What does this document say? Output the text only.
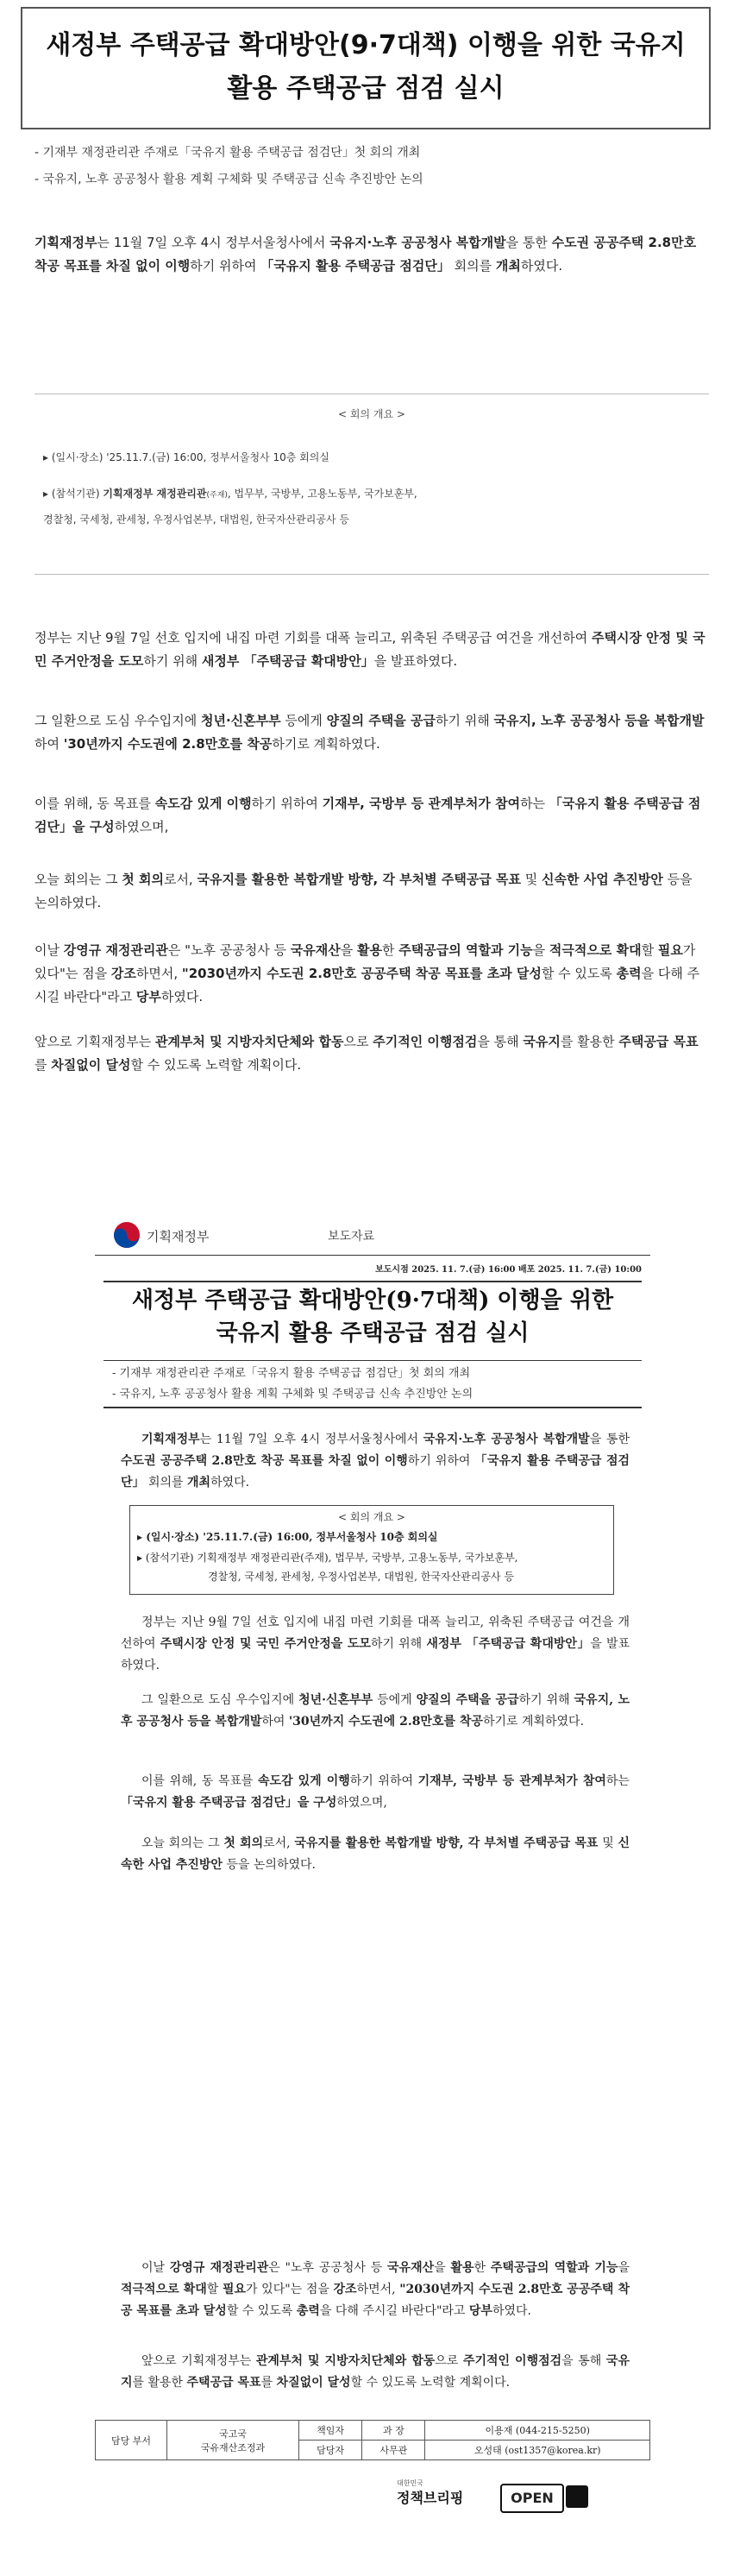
새정부 주택공급 확대방안(9·7대책) 이행을 위한 국유지
활용 주택공급 점검 실시
- 기재부 재정관리관 주재로「국유지 활용 주택공급 점검단」첫 회의 개최
- 국유지, 노후 공공청사 활용 계획 구체화 및 주택공급 신속 추진방안 논의
기획재정부는 11월 7일 오후 4시 정부서울청사에서 국유지·노후 공공청사 복합개발을 통한 수도권 공공주택 2.8만호 착공 목표를 차질 없이 이행하기 위하여 「국유지 활용 주택공급 점검단」 회의를 개최하였다.
< 회의 개요 >
▸ (일시·장소) '25.11.7.(금) 16:00, 정부서울청사 10층 회의실
▸ (참석기관) 기획재정부 재정관리관(주재), 법무부, 국방부, 고용노동부, 국가보훈부,
경찰청, 국세청, 관세청, 우정사업본부, 대법원, 한국자산관리공사 등
정부는 지난 9월 7일 선호 입지에 내집 마련 기회를 대폭 늘리고, 위축된 주택공급 여건을 개선하여 주택시장 안정 및 국민 주거안정을 도모하기 위해 새정부 「주택공급 확대방안」을 발표하였다.
그 일환으로 도심 우수입지에 청년·신혼부부 등에게 양질의 주택을 공급하기 위해 국유지, 노후 공공청사 등을 복합개발하여 '30년까지 수도권에 2.8만호를 착공하기로 계획하였다.
이를 위해, 동 목표를 속도감 있게 이행하기 위하여 기재부, 국방부 등 관계부처가 참여하는 「국유지 활용 주택공급 점검단」을 구성하였으며,
오늘 회의는 그 첫 회의로서, 국유지를 활용한 복합개발 방향, 각 부처별 주택공급 목표 및 신속한 사업 추진방안 등을 논의하였다.
이날 강영규 재정관리관은 "노후 공공청사 등 국유재산을 활용한 주택공급의 역할과 기능을 적극적으로 확대할 필요가 있다"는 점을 강조하면서, "2030년까지 수도권 2.8만호 공공주택 착공 목표를 초과 달성할 수 있도록 총력을 다해 주시길 바란다"라고 당부하였다.
앞으로 기획재정부는 관계부처 및 지방자치단체와 합동으로 주기적인 이행점검을 통해 국유지를 활용한 주택공급 목표를 차질없이 달성할 수 있도록 노력할 계획이다.
기획재정부	보도자료
보도시점 2025. 11. 7.(금) 16:00 배포 2025. 11. 7.(금) 10:00
새정부 주택공급 확대방안(9·7대책) 이행을 위한
국유지 활용 주택공급 점검 실시
- 기재부 재정관리관 주재로「국유지 활용 주택공급 점검단」첫 회의 개최
- 국유지, 노후 공공청사 활용 계획 구체화 및 주택공급 신속 추진방안 논의
기획재정부는 11월 7일 오후 4시 정부서울청사에서 국유지·노후 공공청사 복합개발을 통한 수도권 공공주택 2.8만호 착공 목표를 차질 없이 이행하기 위하여 「국유지 활용 주택공급 점검단」 회의를 개최하였다.
< 회의 개요 >
▸ (일시·장소) '25.11.7.(금) 16:00, 정부서울청사 10층 회의실
▸ (참석기관) 기획재정부 재정관리관(주재), 법무부, 국방부, 고용노동부, 국가보훈부,
경찰청, 국세청, 관세청, 우정사업본부, 대법원, 한국자산관리공사 등
정부는 지난 9월 7일 선호 입지에 내집 마련 기회를 대폭 늘리고, 위축된 주택공급 여건을 개선하여 주택시장 안정 및 국민 주거안정을 도모하기 위해 새정부 「주택공급 확대방안」을 발표하였다.
그 일환으로 도심 우수입지에 청년·신혼부부 등에게 양질의 주택을 공급하기 위해 국유지, 노후 공공청사 등을 복합개발하여 '30년까지 수도권에 2.8만호를 착공하기로 계획하였다.
이를 위해, 동 목표를 속도감 있게 이행하기 위하여 기재부, 국방부 등 관계부처가 참여하는 「국유지 활용 주택공급 점검단」을 구성하였으며,
오늘 회의는 그 첫 회의로서, 국유지를 활용한 복합개발 방향, 각 부처별 주택공급 목표 및 신속한 사업 추진방안 등을 논의하였다.
이날 강영규 재정관리관은 "노후 공공청사 등 국유재산을 활용한 주택공급의 역할과 기능을 적극적으로 확대할 필요가 있다"는 점을 강조하면서, "2030년까지 수도권 2.8만호 공공주택 착공 목표를 초과 달성할 수 있도록 총력을 다해 주시길 바란다"라고 당부하였다.
앞으로 기획재정부는 관계부처 및 지방자치단체와 합동으로 주기적인 이행점검을 통해 국유지를 활용한 주택공급 목표를 차질없이 달성할 수 있도록 노력할 계획이다.
담당 부서	국고국
국유재산조정과	책임자	과 장	이용재 (044-215-5250)
		담당자	사무관	오성태 (ost1357@korea.kr)
대한민국
정책브리핑	OPEN
